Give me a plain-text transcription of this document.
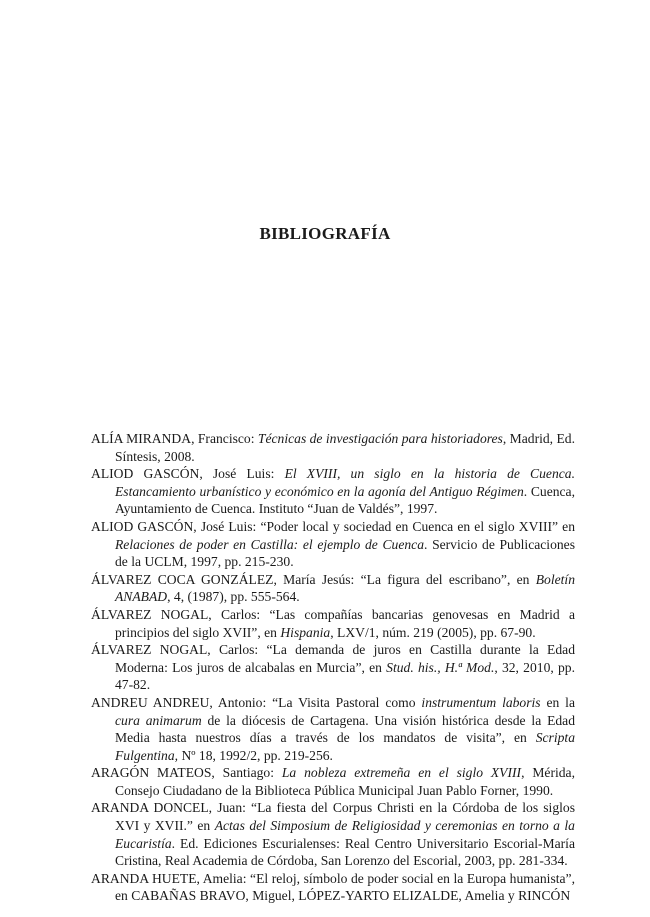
BIBLIOGRAFÍA
ALÍA MIRANDA, Francisco: Técnicas de investigación para historiadores, Madrid, Ed. Síntesis, 2008.
ALIOD GASCÓN, José Luis: El XVIII, un siglo en la historia de Cuenca. Estancamiento urbanístico y económico en la agonía del Antiguo Régimen. Cuenca, Ayuntamiento de Cuenca. Instituto “Juan de Valdés”, 1997.
ALIOD GASCÓN, José Luis: “Poder local y sociedad en Cuenca en el siglo XVIII” en Relaciones de poder en Castilla: el ejemplo de Cuenca. Servicio de Publicaciones de la UCLM, 1997, pp. 215-230.
ÁLVAREZ COCA GONZÁLEZ, María Jesús: “La figura del escribano”, en Boletín ANABAD, 4, (1987), pp. 555-564.
ÁLVAREZ NOGAL, Carlos: “Las compañías bancarias genovesas en Madrid a principios del siglo XVII”, en Hispania, LXV/1, núm. 219 (2005), pp. 67-90.
ÁLVAREZ NOGAL, Carlos: “La demanda de juros en Castilla durante la Edad Moderna: Los juros de alcabalas en Murcia”, en Stud. his., H.ª Mod., 32, 2010, pp. 47-82.
ANDREU ANDREU, Antonio: “La Visita Pastoral como instrumentum laboris en la cura animarum de la diócesis de Cartagena. Una visión histórica desde la Edad Media hasta nuestros días a través de los mandatos de visita”, en Scripta Fulgentina, Nº 18, 1992/2, pp. 219-256.
ARAGÓN MATEOS, Santiago: La nobleza extremeña en el siglo XVIII, Mérida, Consejo Ciudadano de la Biblioteca Pública Municipal Juan Pablo Forner, 1990.
ARANDA DONCEL, Juan: “La fiesta del Corpus Christi en la Córdoba de los siglos XVI y XVII.” en Actas del Simposium de Religiosidad y ceremonias en torno a la Eucaristía. Ed. Ediciones Escurialenses: Real Centro Universitario Escorial-María Cristina, Real Academia de Córdoba, San Lorenzo del Escorial, 2003, pp. 281-334.
ARANDA HUETE, Amelia: “El reloj, símbolo de poder social en la Europa humanista”, en CABAÑAS BRAVO, Miguel, LÓPEZ-YARTO ELIZALDE, Amelia y RINCÓN
